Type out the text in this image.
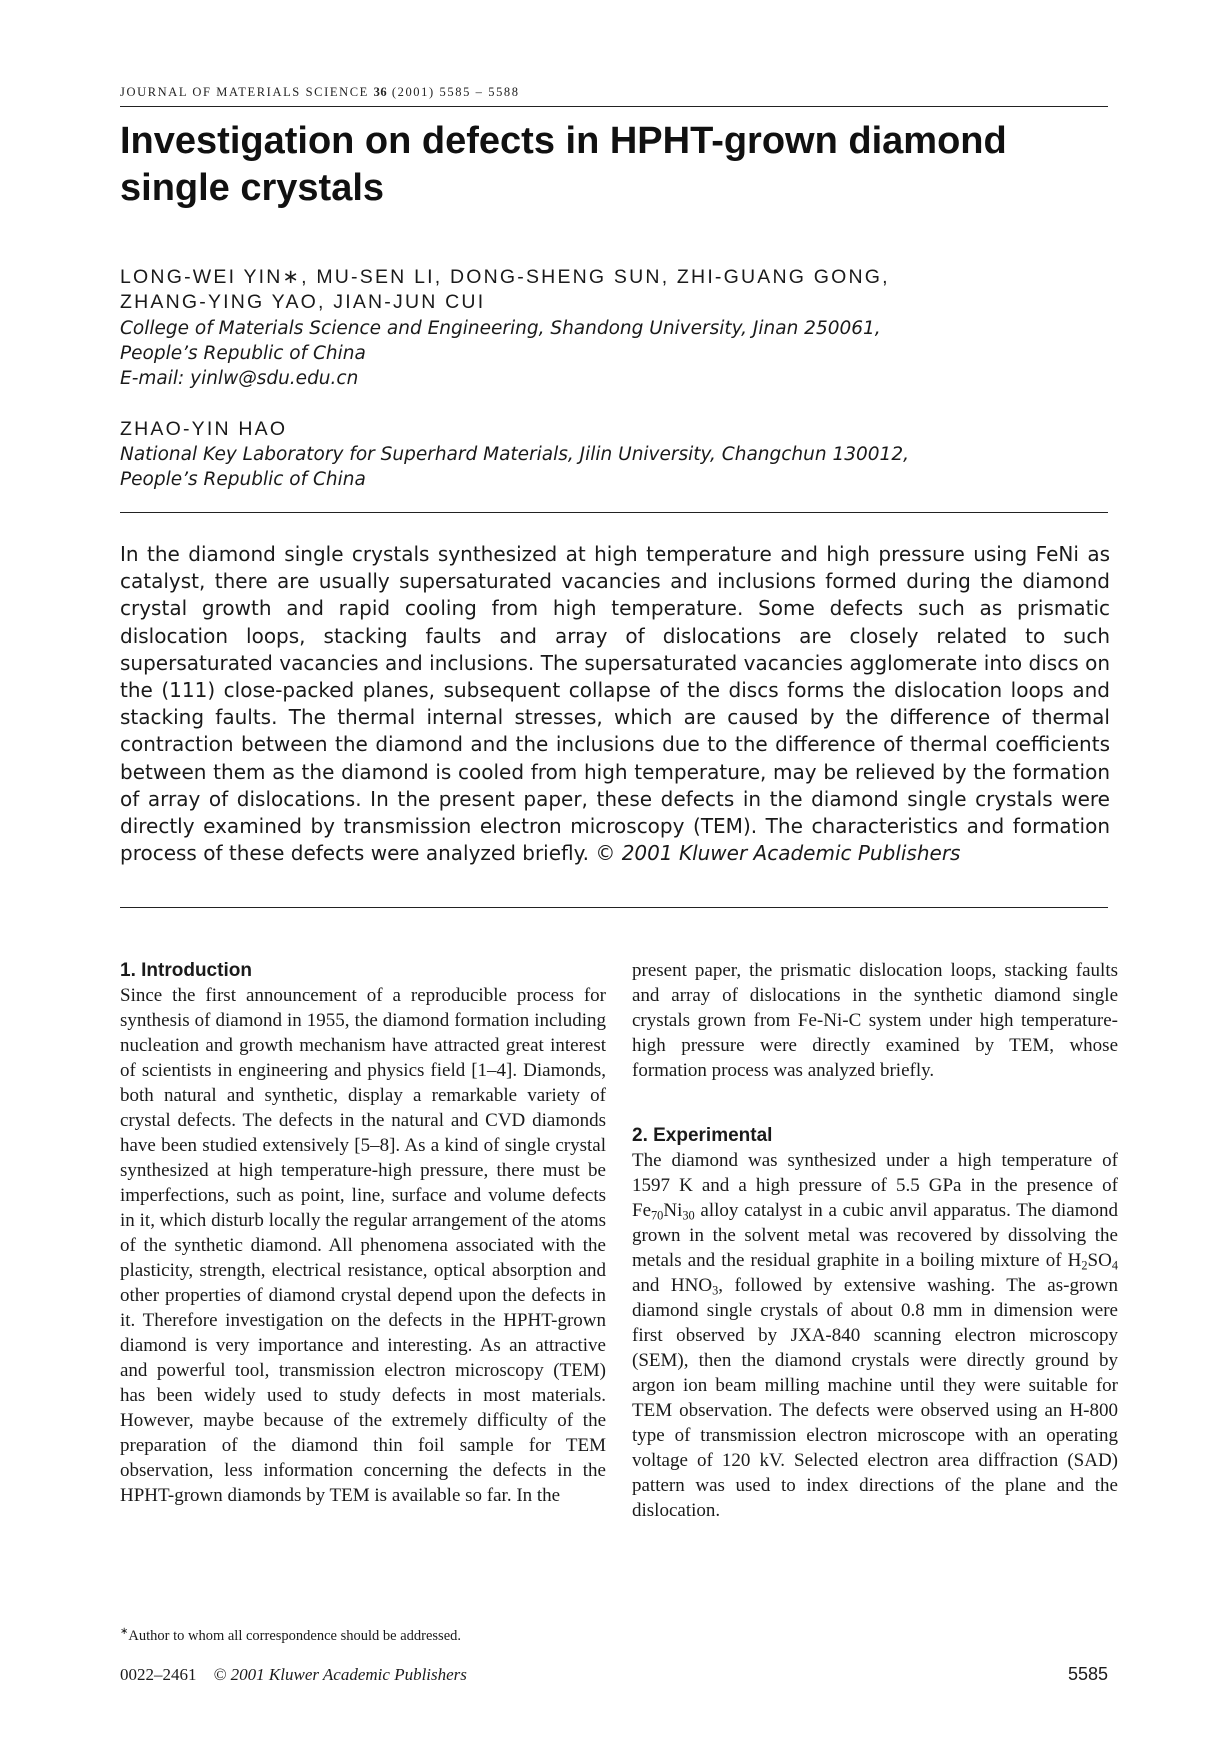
JOURNAL OF MATERIALS SCIENCE 36 (2001) 5585 – 5588
Investigation on defects in HPHT-grown diamond single crystals
LONG-WEI YIN∗, MU-SEN LI, DONG-SHENG SUN, ZHI-GUANG GONG,
ZHANG-YING YAO, JIAN-JUN CUI
College of Materials Science and Engineering, Shandong University, Jinan 250061,
People’s Republic of China
E-mail: yinlw@sdu.edu.cn
ZHAO-YIN HAO
National Key Laboratory for Superhard Materials, Jilin University, Changchun 130012,
People’s Republic of China

In the diamond single crystals synthesized at high temperature and high pressure using FeNi as catalyst, there are usually supersaturated vacancies and inclusions formed during the diamond crystal growth and rapid cooling from high temperature. Some defects such as prismatic dislocation loops, stacking faults and array of dislocations are closely related to such supersaturated vacancies and inclusions. The supersaturated vacancies agglomerate into discs on the (111) close-packed planes, subsequent collapse of the discs forms the dislocation loops and stacking faults. The thermal internal stresses, which are caused by the difference of thermal contraction between the diamond and the inclusions due to the difference of thermal coefficients between them as the diamond is cooled from high temperature, may be relieved by the formation of array of dislocations. In the present paper, these defects in the diamond single crystals were directly examined by transmission electron microscopy (TEM). The characteristics and formation process of these defects were analyzed briefly. © 2001 Kluwer Academic Publishers

1. Introduction

Since the first announcement of a reproducible process for synthesis of diamond in 1955, the diamond formation including nucleation and growth mechanism have attracted great interest of scientists in engineering and physics field [1–4]. Diamonds, both natural and synthetic, display a remarkable variety of crystal defects. The defects in the natural and CVD diamonds have been studied extensively [5–8]. As a kind of single crystal synthesized at high temperature-high pressure, there must be imperfections, such as point, line, surface and volume defects in it, which disturb locally the regular arrangement of the atoms of the synthetic diamond. All phenomena associated with the plasticity, strength, electrical resistance, optical absorption and other properties of diamond crystal depend upon the defects in it. Therefore investigation on the defects in the HPHT-grown diamond is very importance and interesting. As an attractive and powerful tool, transmission electron microscopy (TEM) has been widely used to study defects in most materials. However, maybe because of the extremely difficulty of the preparation of the diamond thin foil sample for TEM observation, less information concerning the defects in the HPHT-grown diamonds by TEM is available so far. In the

present paper, the prismatic dislocation loops, stacking faults and array of dislocations in the synthetic diamond single crystals grown from Fe-Ni-C system under high temperature-high pressure were directly examined by TEM, whose formation process was analyzed briefly.

2. Experimental

The diamond was synthesized under a high temperature of 1597 K and a high pressure of 5.5 GPa in the presence of $Fe_{70}Ni_{30}$ alloy catalyst in a cubic anvil apparatus. The diamond grown in the solvent metal was recovered by dissolving the metals and the residual graphite in a boiling mixture of $H_2SO_4$ and $HNO_3$, followed by extensive washing. The as-grown diamond single crystals of about 0.8 mm in dimension were first observed by JXA-840 scanning electron microscopy (SEM), then the diamond crystals were directly ground by argon ion beam milling machine until they were suitable for TEM observation. The defects were observed using an H-800 type of transmission electron microscope with an operating voltage of 120 kV. Selected electron area diffraction (SAD) pattern was used to index directions of the plane and the dislocation.

∗Author to whom all correspondence should be addressed.
0022–2461 © 2001 Kluwer Academic Publishers	5585
